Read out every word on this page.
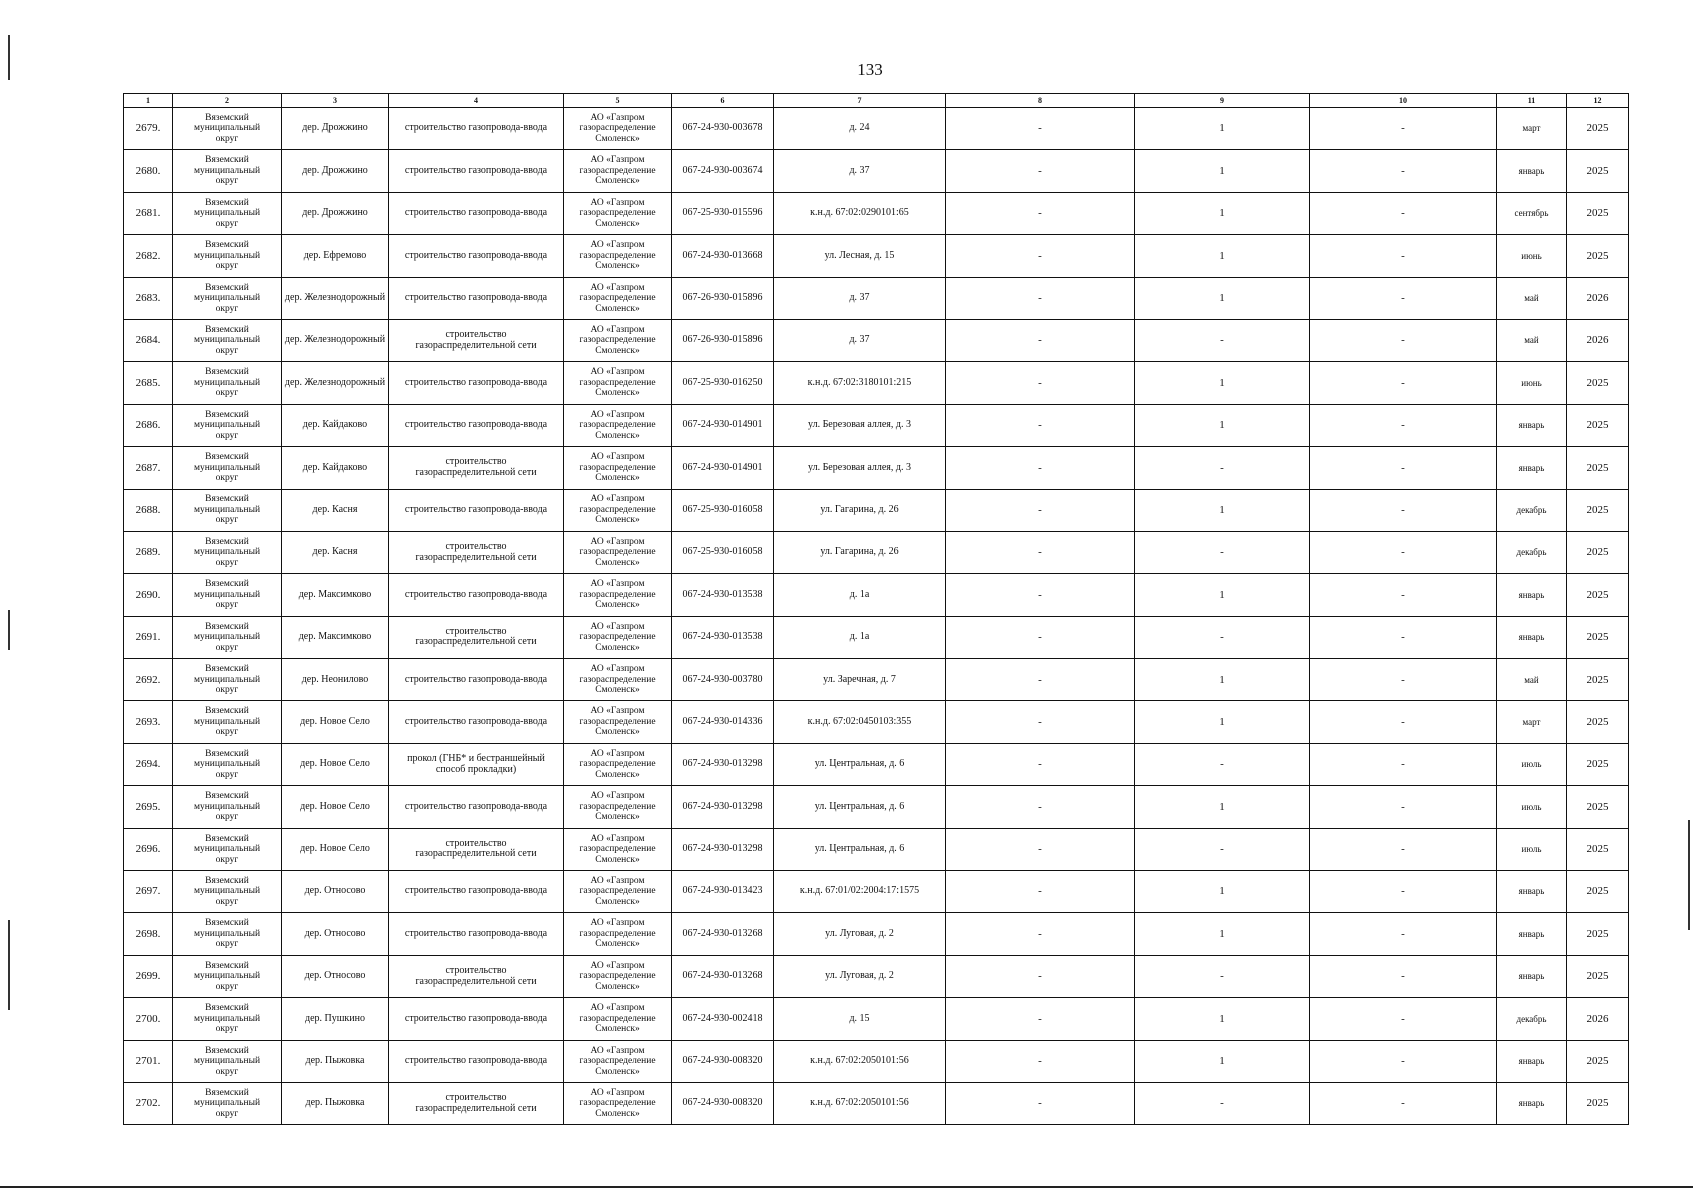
133
1	2	3	4	5	6	7	8	9	10	11	12
2679.	Вяземский
муниципальный
округ	дер. Дрожжино	строительство газопровода-ввода	АО «Газпром
газораспределение
Смоленск»	067-24-930-003678	д. 24	-	1	-	март	2025
2680.	Вяземский
муниципальный
округ	дер. Дрожжино	строительство газопровода-ввода	АО «Газпром
газораспределение
Смоленск»	067-24-930-003674	д. 37	-	1	-	январь	2025
2681.	Вяземский
муниципальный
округ	дер. Дрожжино	строительство газопровода-ввода	АО «Газпром
газораспределение
Смоленск»	067-25-930-015596	к.н.д. 67:02:0290101:65	-	1	-	сентябрь	2025
2682.	Вяземский
муниципальный
округ	дер. Ефремово	строительство газопровода-ввода	АО «Газпром
газораспределение
Смоленск»	067-24-930-013668	ул. Лесная, д. 15	-	1	-	июнь	2025
2683.	Вяземский
муниципальный
округ	дер. Железнодорожный	строительство газопровода-ввода	АО «Газпром
газораспределение
Смоленск»	067-26-930-015896	д. 37	-	1	-	май	2026
2684.	Вяземский
муниципальный
округ	дер. Железнодорожный	строительство
газораспределительной сети	АО «Газпром
газораспределение
Смоленск»	067-26-930-015896	д. 37	-	-	-	май	2026
2685.	Вяземский
муниципальный
округ	дер. Железнодорожный	строительство газопровода-ввода	АО «Газпром
газораспределение
Смоленск»	067-25-930-016250	к.н.д. 67:02:3180101:215	-	1	-	июнь	2025
2686.	Вяземский
муниципальный
округ	дер. Кайдаково	строительство газопровода-ввода	АО «Газпром
газораспределение
Смоленск»	067-24-930-014901	ул. Березовая аллея, д. 3	-	1	-	январь	2025
2687.	Вяземский
муниципальный
округ	дер. Кайдаково	строительство
газораспределительной сети	АО «Газпром
газораспределение
Смоленск»	067-24-930-014901	ул. Березовая аллея, д. 3	-	-	-	январь	2025
2688.	Вяземский
муниципальный
округ	дер. Касня	строительство газопровода-ввода	АО «Газпром
газораспределение
Смоленск»	067-25-930-016058	ул. Гагарина, д. 26	-	1	-	декабрь	2025
2689.	Вяземский
муниципальный
округ	дер. Касня	строительство
газораспределительной сети	АО «Газпром
газораспределение
Смоленск»	067-25-930-016058	ул. Гагарина, д. 26	-	-	-	декабрь	2025
2690.	Вяземский
муниципальный
округ	дер. Максимково	строительство газопровода-ввода	АО «Газпром
газораспределение
Смоленск»	067-24-930-013538	д. 1а	-	1	-	январь	2025
2691.	Вяземский
муниципальный
округ	дер. Максимково	строительство
газораспределительной сети	АО «Газпром
газораспределение
Смоленск»	067-24-930-013538	д. 1а	-	-	-	январь	2025
2692.	Вяземский
муниципальный
округ	дер. Неонилово	строительство газопровода-ввода	АО «Газпром
газораспределение
Смоленск»	067-24-930-003780	ул. Заречная, д. 7	-	1	-	май	2025
2693.	Вяземский
муниципальный
округ	дер. Новое Село	строительство газопровода-ввода	АО «Газпром
газораспределение
Смоленск»	067-24-930-014336	к.н.д. 67:02:0450103:355	-	1	-	март	2025
2694.	Вяземский
муниципальный
округ	дер. Новое Село	прокол (ГНБ* и бестраншейный
способ прокладки)	АО «Газпром
газораспределение
Смоленск»	067-24-930-013298	ул. Центральная, д. 6	-	-	-	июль	2025
2695.	Вяземский
муниципальный
округ	дер. Новое Село	строительство газопровода-ввода	АО «Газпром
газораспределение
Смоленск»	067-24-930-013298	ул. Центральная, д. 6	-	1	-	июль	2025
2696.	Вяземский
муниципальный
округ	дер. Новое Село	строительство
газораспределительной сети	АО «Газпром
газораспределение
Смоленск»	067-24-930-013298	ул. Центральная, д. 6	-	-	-	июль	2025
2697.	Вяземский
муниципальный
округ	дер. Относово	строительство газопровода-ввода	АО «Газпром
газораспределение
Смоленск»	067-24-930-013423	к.н.д. 67:01/02:2004:17:1575	-	1	-	январь	2025
2698.	Вяземский
муниципальный
округ	дер. Относово	строительство газопровода-ввода	АО «Газпром
газораспределение
Смоленск»	067-24-930-013268	ул. Луговая, д. 2	-	1	-	январь	2025
2699.	Вяземский
муниципальный
округ	дер. Относово	строительство
газораспределительной сети	АО «Газпром
газораспределение
Смоленск»	067-24-930-013268	ул. Луговая, д. 2	-	-	-	январь	2025
2700.	Вяземский
муниципальный
округ	дер. Пушкино	строительство газопровода-ввода	АО «Газпром
газораспределение
Смоленск»	067-24-930-002418	д. 15	-	1	-	декабрь	2026
2701.	Вяземский
муниципальный
округ	дер. Пыжовка	строительство газопровода-ввода	АО «Газпром
газораспределение
Смоленск»	067-24-930-008320	к.н.д. 67:02:2050101:56	-	1	-	январь	2025
2702.	Вяземский
муниципальный
округ	дер. Пыжовка	строительство
газораспределительной сети	АО «Газпром
газораспределение
Смоленск»	067-24-930-008320	к.н.д. 67:02:2050101:56	-	-	-	январь	2025
